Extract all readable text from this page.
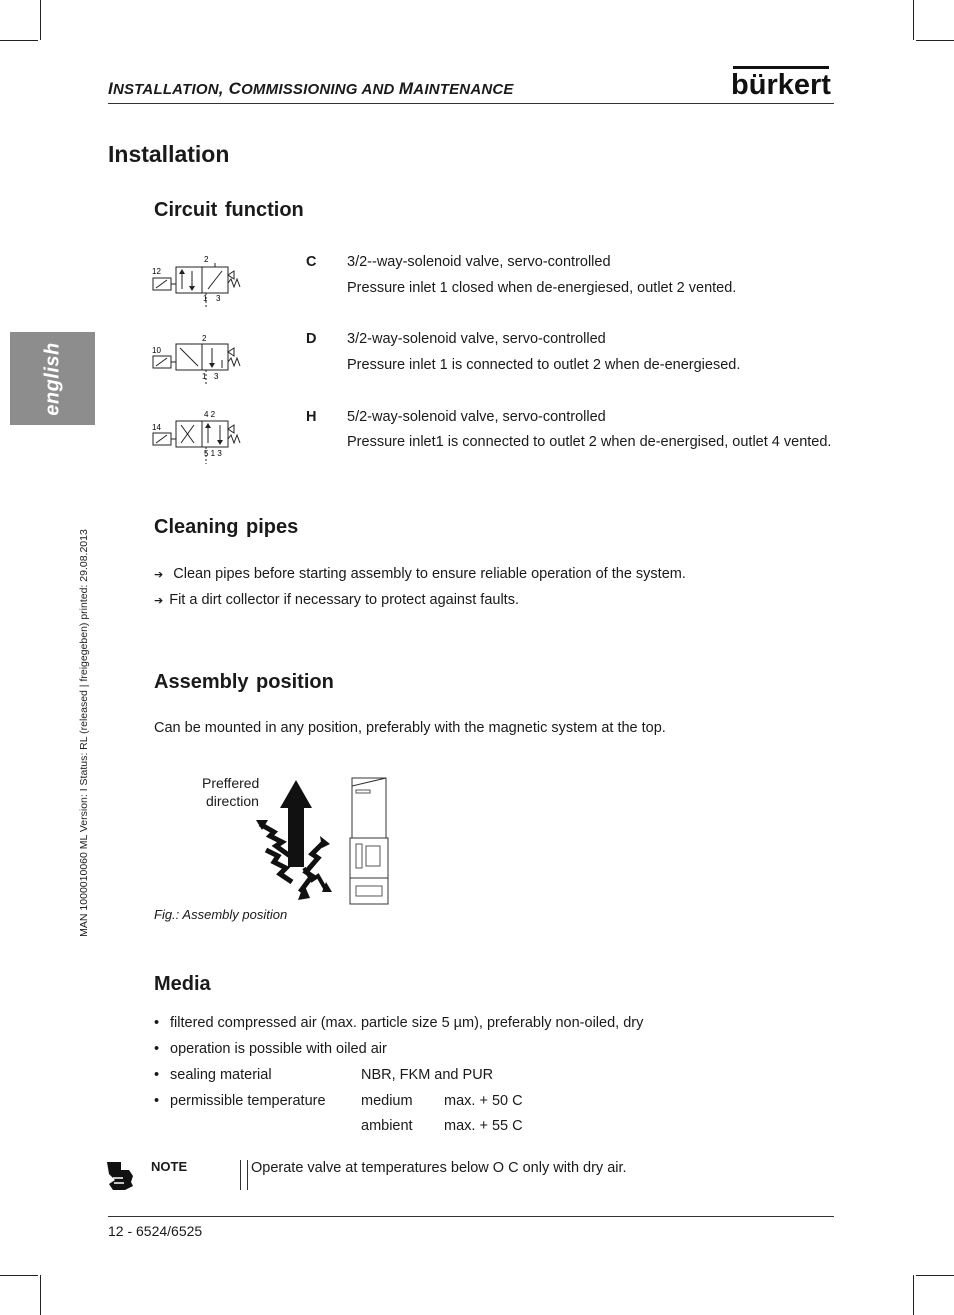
INSTALLATION, COMMISSIONING AND MAINTENANCE	bürkert
english
MAN 1000010060 ML Version: I Status: RL (released | freigegeben) printed: 29.08.2013
Installation
Circuit function
12
2
1 3
C 3/2--way-solenoid valve, servo-controlled
Pressure inlet 1 closed when de-energiesed, outlet 2 vented.
10
2
1 3
D 3/2-way-solenoid valve, servo-controlled
Pressure inlet 1 is connected to outlet 2 when de-energiesed.
14
4 2
5 1 3
H 5/2-way-solenoid valve, servo-controlled
Pressure inlet1 is connected to outlet 2 when de-energised, outlet 4 vented.
Cleaning pipes
➔ Clean pipes before starting assembly to ensure reliable operation of the system.
➔ Fit a dirt collector if necessary to protect against faults.
Assembly position
Can be mounted in any position, preferably with the magnetic system at the top.
Preffered
direction
Fig.: Assembly position
Media
• filtered compressed air (max. particle size 5 µm), preferably non-oiled, dry
• operation is possible with oiled air
• sealing material	NBR, FKM and PUR
• permissible temperature medium max. + 50 C
ambient max. + 55 C
NOTE	Operate valve at temperatures below O C only with dry air.
12 - 6524/6525
